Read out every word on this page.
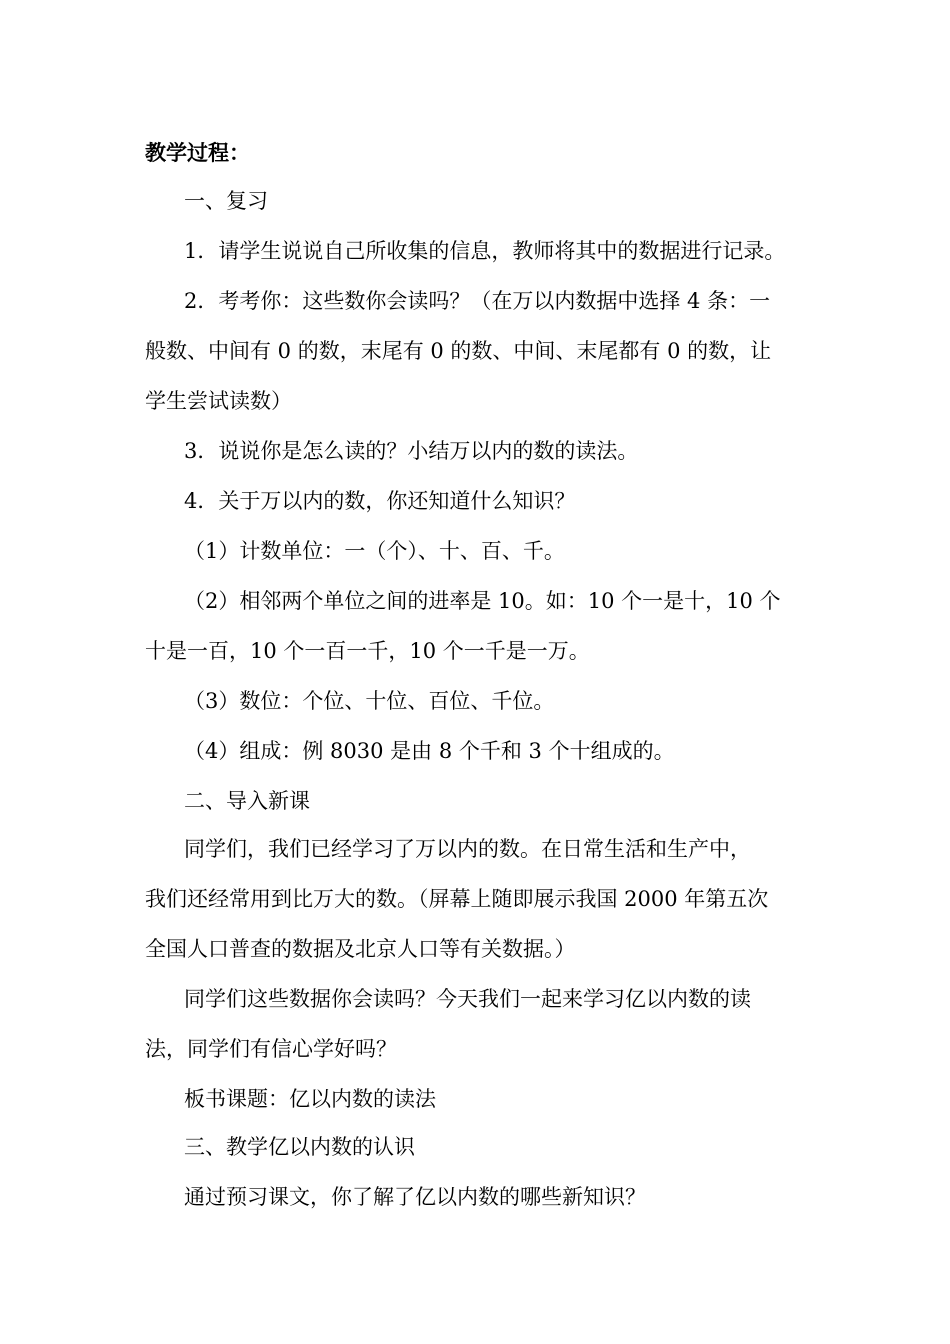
教学过程：

一、复习

1．请学生说说自己所收集的信息，教师将其中的数据进行记录。

2．考考你：这些数你会读吗？（在万以内数据中选择 4 条：一

般数、中间有 0 的数，末尾有 0 的数、中间、末尾都有 0 的数，让

学生尝试读数）

3．说说你是怎么读的？小结万以内的数的读法。

4．关于万以内的数，你还知道什么知识？

（1）计数单位：一（个）、十、百、千。

（2）相邻两个单位之间的进率是 10。如：10 个一是十，10 个

十是一百，10 个一百一千，10 个一千是一万。

（3）数位：个位、十位、百位、千位。

（4）组成：例 8030 是由 8 个千和 3 个十组成的。

二、导入新课

同学们，我们已经学习了万以内的数。在日常生活和生产中，

我们还经常用到比万大的数。（屏幕上随即展示我国 2000 年第五次

全国人口普查的数据及北京人口等有关数据。）

同学们这些数据你会读吗？今天我们一起来学习亿以内数的读

法，同学们有信心学好吗？

板书课题：亿以内数的读法

三、教学亿以内数的认识

通过预习课文，你了解了亿以内数的哪些新知识？
